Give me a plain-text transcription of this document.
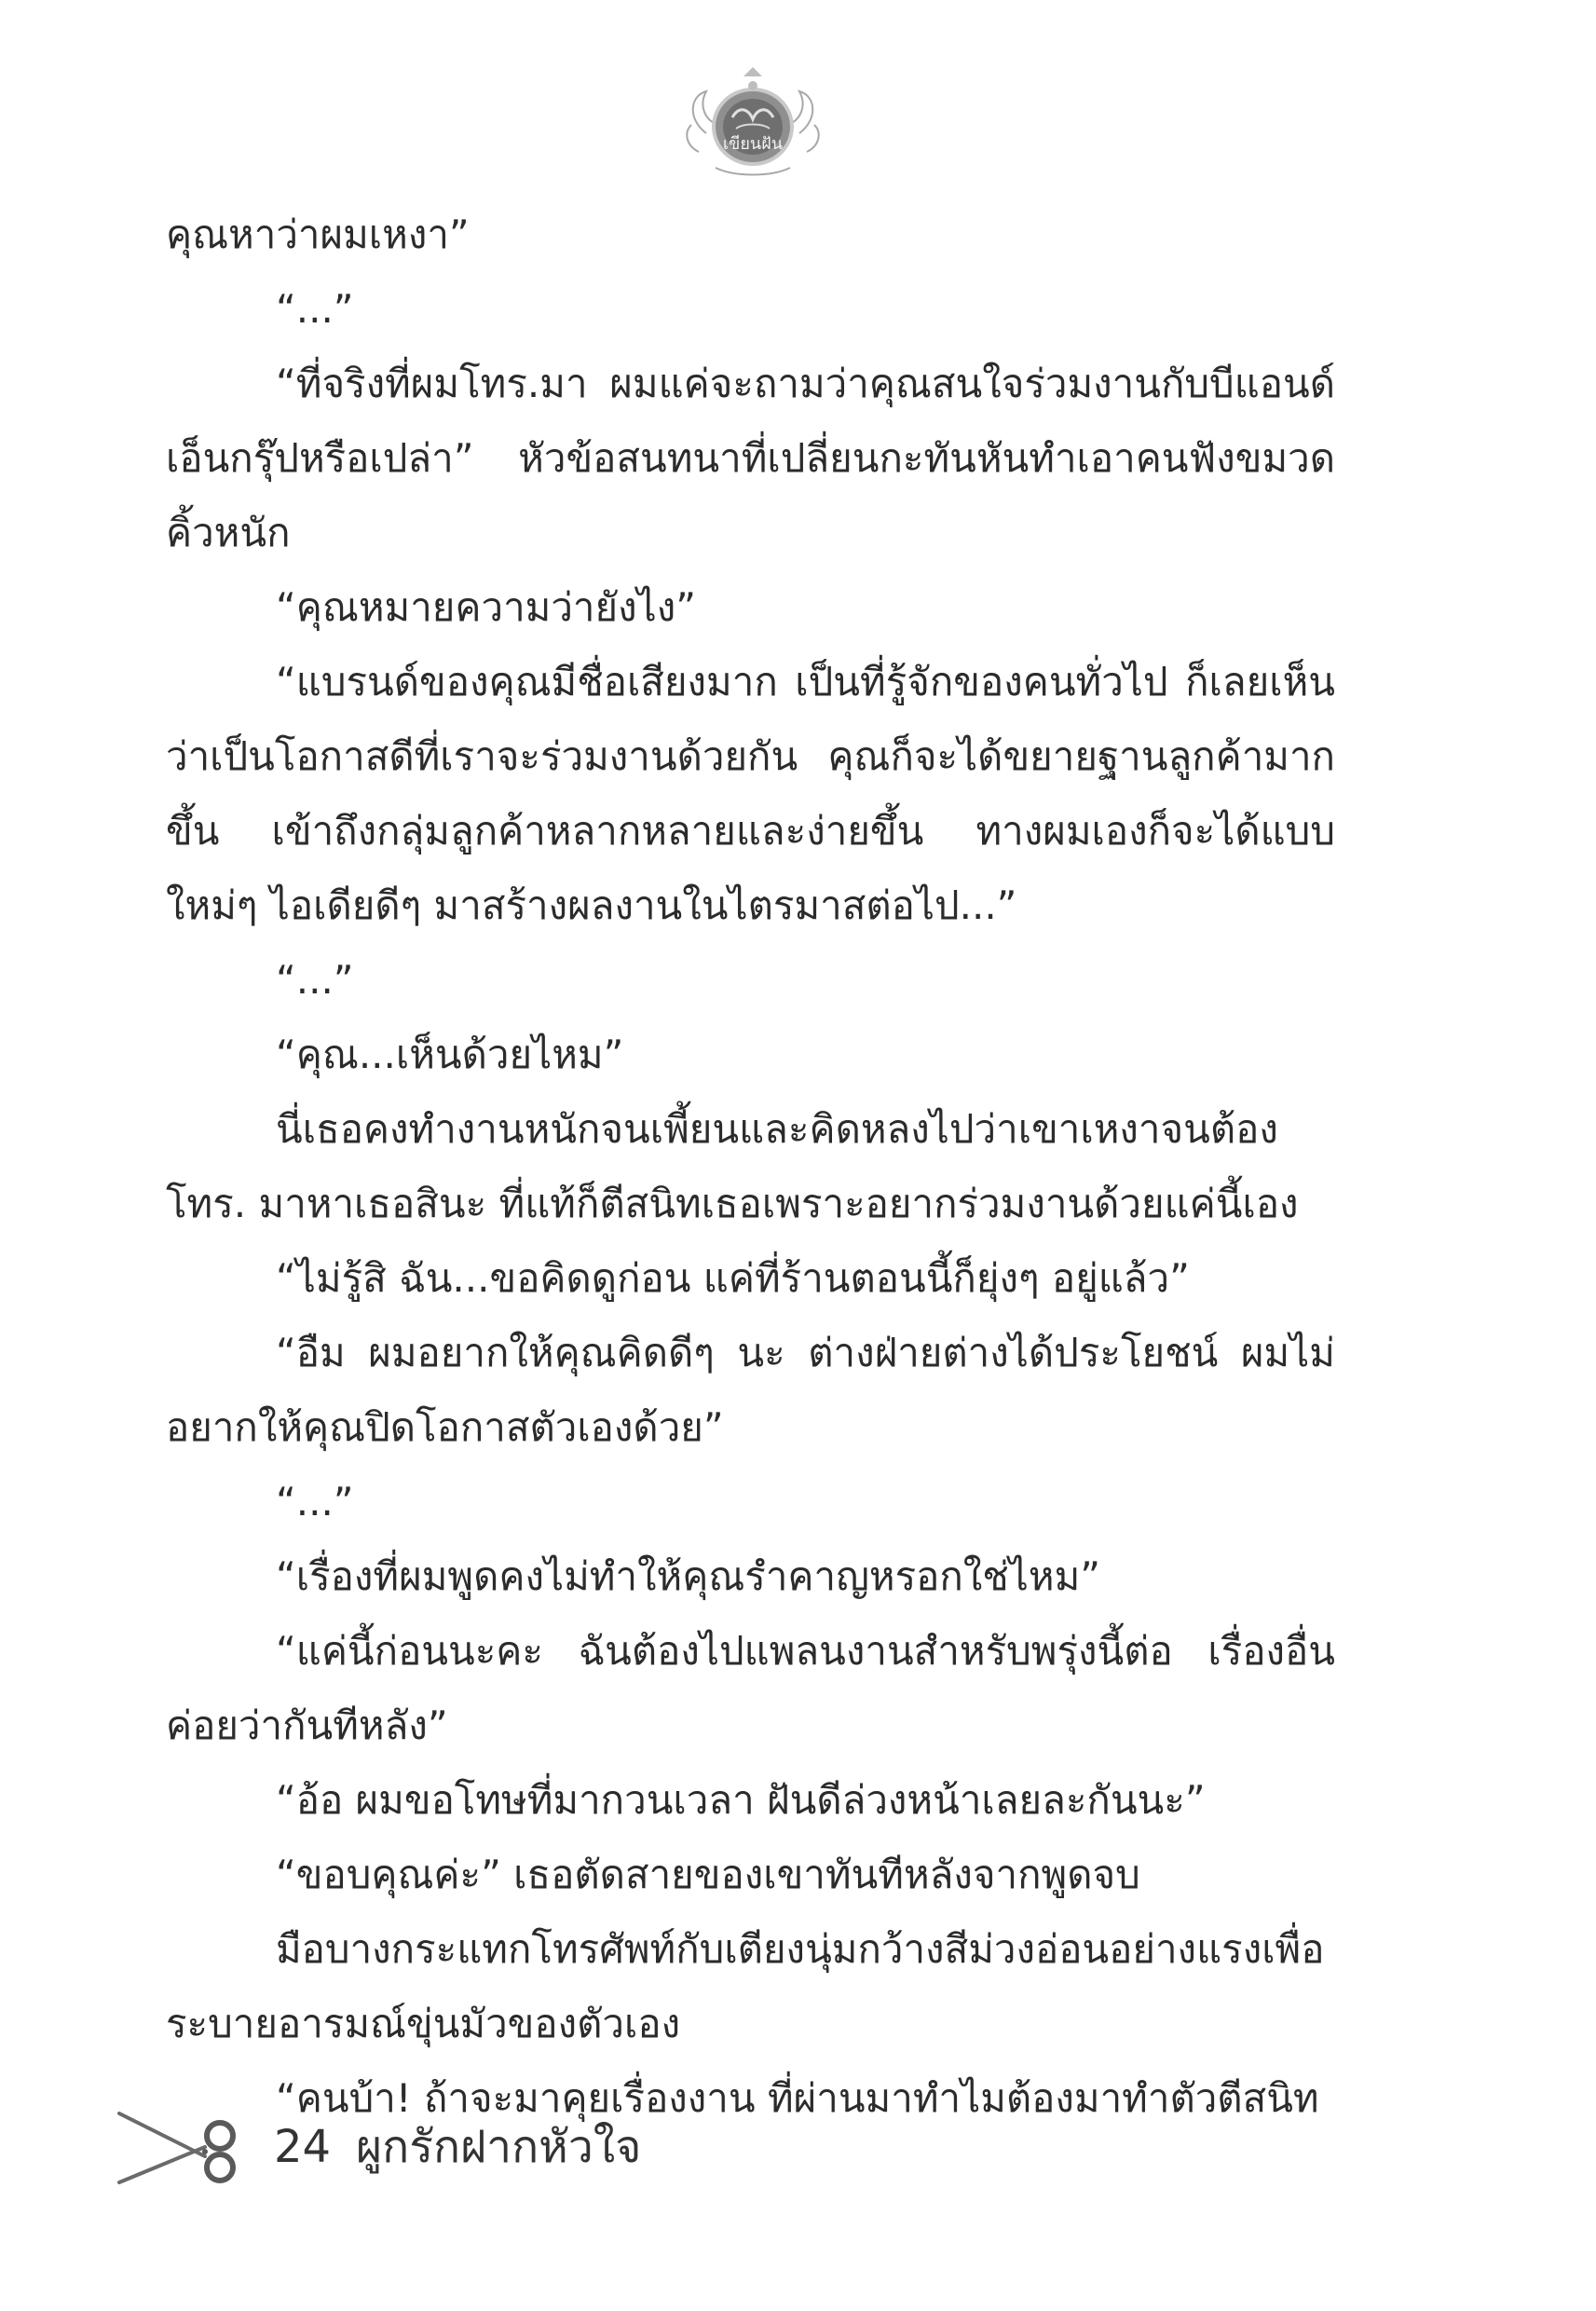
เขียนฝัน

คุณหาว่าผมเหงา”

“...”

“ที่จริงที่ผมโทร.มา ผมแค่จะถามว่าคุณสนใจร่วมงานกับบีแอนด์เอ็นกรุ๊ปหรือเปล่า” หัวข้อสนทนาที่เปลี่ยนกะทันหันทำเอาคนฟังขมวดคิ้วหนัก

“คุณหมายความว่ายังไง”

“แบรนด์ของคุณมีชื่อเสียงมาก เป็นที่รู้จักของคนทั่วไป ก็เลยเห็นว่าเป็นโอกาสดีที่เราจะร่วมงานด้วยกัน คุณก็จะได้ขยายฐานลูกค้ามากขึ้น เข้าถึงกลุ่มลูกค้าหลากหลายและง่ายขึ้น ทางผมเองก็จะได้แบบใหม่ๆ ไอเดียดีๆ มาสร้างผลงานในไตรมาสต่อไป...”

“...”

“คุณ...เห็นด้วยไหม”

นี่เธอคงทำงานหนักจนเพี้ยนและคิดหลงไปว่าเขาเหงาจนต้องโทร. มาหาเธอสินะ ที่แท้ก็ตีสนิทเธอเพราะอยากร่วมงานด้วยแค่นี้เอง

“ไม่รู้สิ ฉัน...ขอคิดดูก่อน แค่ที่ร้านตอนนี้ก็ยุ่งๆ อยู่แล้ว”

“อืม ผมอยากให้คุณคิดดีๆ นะ ต่างฝ่ายต่างได้ประโยชน์ ผมไม่อยากให้คุณปิดโอกาสตัวเองด้วย”

“...”

“เรื่องที่ผมพูดคงไม่ทำให้คุณรำคาญหรอกใช่ไหม”

“แค่นี้ก่อนนะคะ ฉันต้องไปแพลนงานสำหรับพรุ่งนี้ต่อ เรื่องอื่นค่อยว่ากันทีหลัง”

“อ้อ ผมขอโทษที่มากวนเวลา ฝันดีล่วงหน้าเลยละกันนะ”

“ขอบคุณค่ะ” เธอตัดสายของเขาทันทีหลังจากพูดจบ

มือบางกระแทกโทรศัพท์กับเตียงนุ่มกว้างสีม่วงอ่อนอย่างแรงเพื่อระบายอารมณ์ขุ่นมัวของตัวเอง

“คนบ้า! ถ้าจะมาคุยเรื่องงาน ที่ผ่านมาทำไมต้องมาทำตัวตีสนิท

24 ผูกรักฝากหัวใจ
